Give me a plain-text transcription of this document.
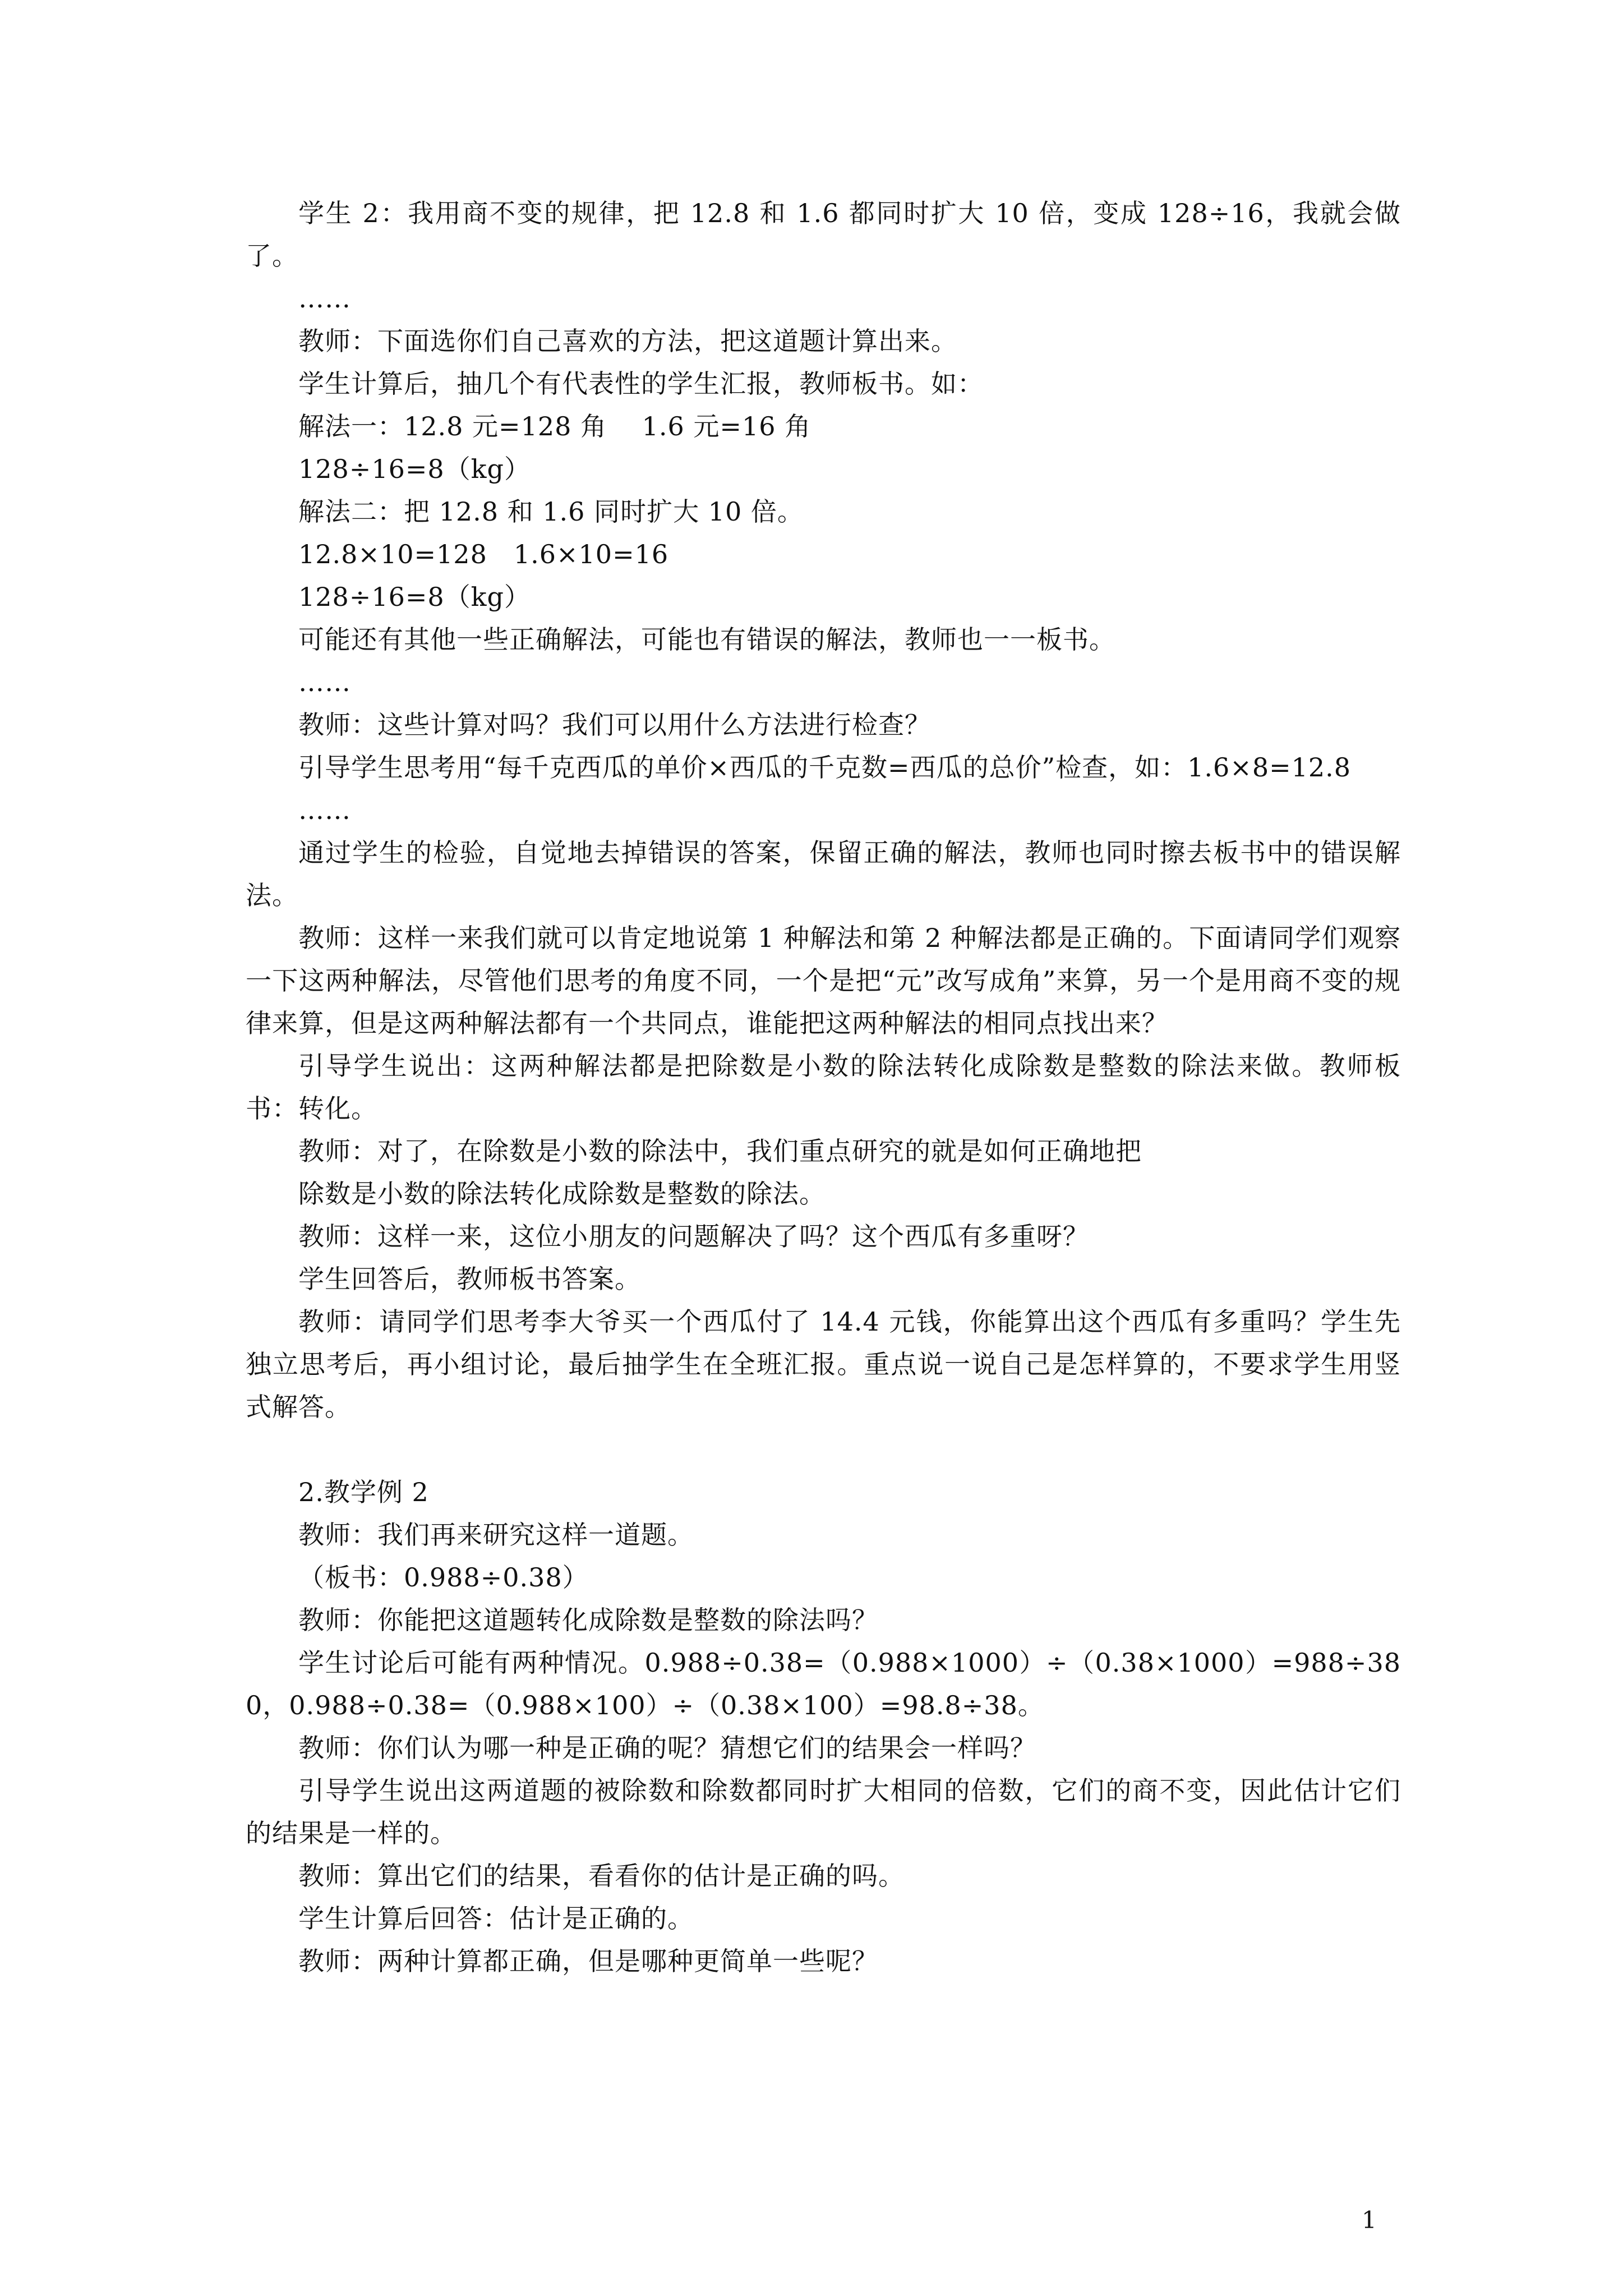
学生 2：我用商不变的规律，把 12.8 和 1.6 都同时扩大 10 倍，变成 128÷16，我就会做了。

……

教师：下面选你们自己喜欢的方法，把这道题计算出来。

学生计算后，抽几个有代表性的学生汇报，教师板书。如：

解法一：12.8 元=128 角　 1.6 元=16 角

128÷16=8（kg）

解法二：把 12.8 和 1.6 同时扩大 10 倍。

12.8×10=128　1.6×10=16

128÷16=8（kg）

可能还有其他一些正确解法，可能也有错误的解法，教师也一一板书。

……

教师：这些计算对吗？我们可以用什么方法进行检查？

引导学生思考用“每千克西瓜的单价×西瓜的千克数=西瓜的总价”检查，如：1.6×8=12.8

……

通过学生的检验，自觉地去掉错误的答案，保留正确的解法，教师也同时擦去板书中的错误解法。

教师：这样一来我们就可以肯定地说第 1 种解法和第 2 种解法都是正确的。下面请同学们观察一下这两种解法，尽管他们思考的角度不同，一个是把“元”改写成角”来算，另一个是用商不变的规律来算，但是这两种解法都有一个共同点，谁能把这两种解法的相同点找出来？

引导学生说出：这两种解法都是把除数是小数的除法转化成除数是整数的除法来做。教师板书：转化。

教师：对了，在除数是小数的除法中，我们重点研究的就是如何正确地把

除数是小数的除法转化成除数是整数的除法。

教师：这样一来，这位小朋友的问题解决了吗？这个西瓜有多重呀？

学生回答后，教师板书答案。

教师：请同学们思考李大爷买一个西瓜付了 14.4 元钱，你能算出这个西瓜有多重吗？学生先独立思考后，再小组讨论，最后抽学生在全班汇报。重点说一说自己是怎样算的，不要求学生用竖式解答。

2.教学例 2

教师：我们再来研究这样一道题。

（板书：0.988÷0.38）

教师：你能把这道题转化成除数是整数的除法吗？

学生讨论后可能有两种情况。0.988÷0.38=（0.988×1000）÷（0.38×1000）=988÷380，0.988÷0.38=（0.988×100）÷（0.38×100）=98.8÷38。

教师：你们认为哪一种是正确的呢？猜想它们的结果会一样吗？

引导学生说出这两道题的被除数和除数都同时扩大相同的倍数，它们的商不变，因此估计它们的结果是一样的。

教师：算出它们的结果，看看你的估计是正确的吗。

学生计算后回答：估计是正确的。

教师：两种计算都正确，但是哪种更简单一些呢？

1
